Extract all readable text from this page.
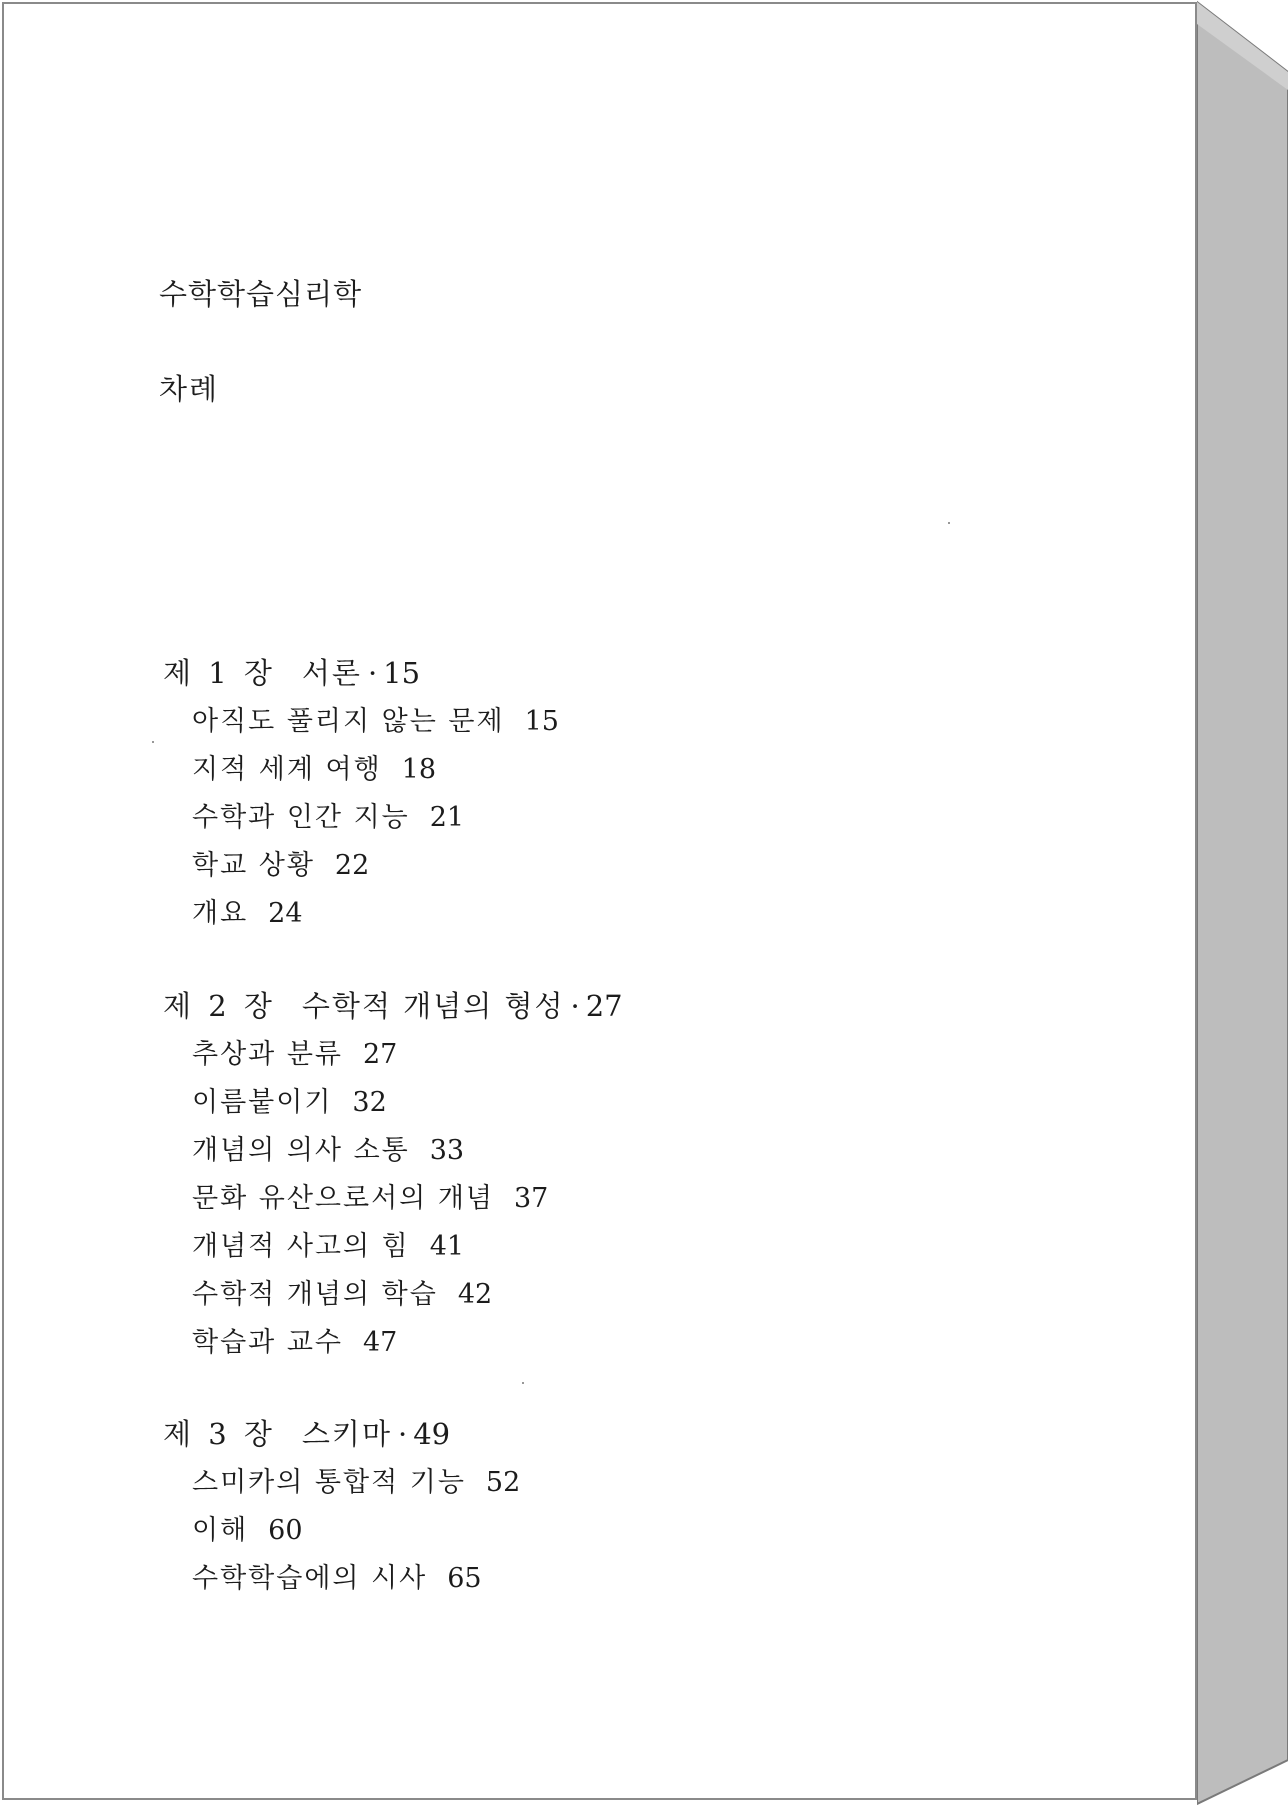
수학학습심리학
차례
제 1 장 서론 · 15
아직도 풀리지 않는 문제 15
지적 세계 여행 18
수학과 인간 지능 21
학교 상황 22
개요 24
제 2 장 수학적 개념의 형성 · 27
추상과 분류 27
이름붙이기 32
개념의 의사 소통 33
문화 유산으로서의 개념 37
개념적 사고의 힘 41
수학적 개념의 학습 42
학습과 교수 47
제 3 장 스키마 · 49
스미카의 통합적 기능 52
이해 60
수학학습에의 시사 65
